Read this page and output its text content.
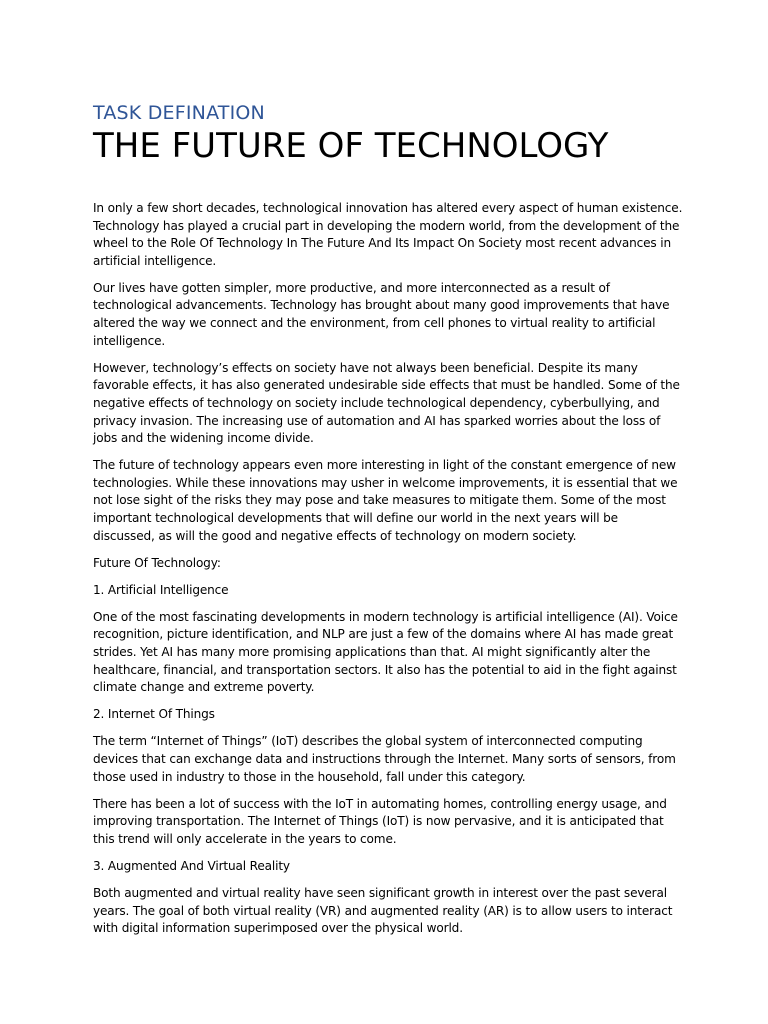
TASK DEFINATION
THE FUTURE OF TECHNOLOGY

In only a few short decades, technological innovation has altered every aspect of human existence. Technology has played a crucial part in developing the modern world, from the development of the wheel to the Role Of Technology In The Future And Its Impact On Society most recent advances in artificial intelligence.

Our lives have gotten simpler, more productive, and more interconnected as a result of technological advancements. Technology has brought about many good improvements that have altered the way we connect and the environment, from cell phones to virtual reality to artificial intelligence.

However, technology’s effects on society have not always been beneficial. Despite its many favorable effects, it has also generated undesirable side effects that must be handled. Some of the negative effects of technology on society include technological dependency, cyberbullying, and privacy invasion. The increasing use of automation and AI has sparked worries about the loss of jobs and the widening income divide.

The future of technology appears even more interesting in light of the constant emergence of new technologies. While these innovations may usher in welcome improvements, it is essential that we not lose sight of the risks they may pose and take measures to mitigate them. Some of the most important technological developments that will define our world in the next years will be discussed, as will the good and negative effects of technology on modern society.

Future Of Technology:

1. Artificial Intelligence

One of the most fascinating developments in modern technology is artificial intelligence (AI). Voice recognition, picture identification, and NLP are just a few of the domains where AI has made great strides. Yet AI has many more promising applications than that. AI might significantly alter the healthcare, financial, and transportation sectors. It also has the potential to aid in the fight against climate change and extreme poverty.

2. Internet Of Things

The term “Internet of Things” (IoT) describes the global system of interconnected computing devices that can exchange data and instructions through the Internet. Many sorts of sensors, from those used in industry to those in the household, fall under this category.

There has been a lot of success with the IoT in automating homes, controlling energy usage, and improving transportation. The Internet of Things (IoT) is now pervasive, and it is anticipated that this trend will only accelerate in the years to come.

3. Augmented And Virtual Reality

Both augmented and virtual reality have seen significant growth in interest over the past several years. The goal of both virtual reality (VR) and augmented reality (AR) is to allow users to interact with digital information superimposed over the physical world.
